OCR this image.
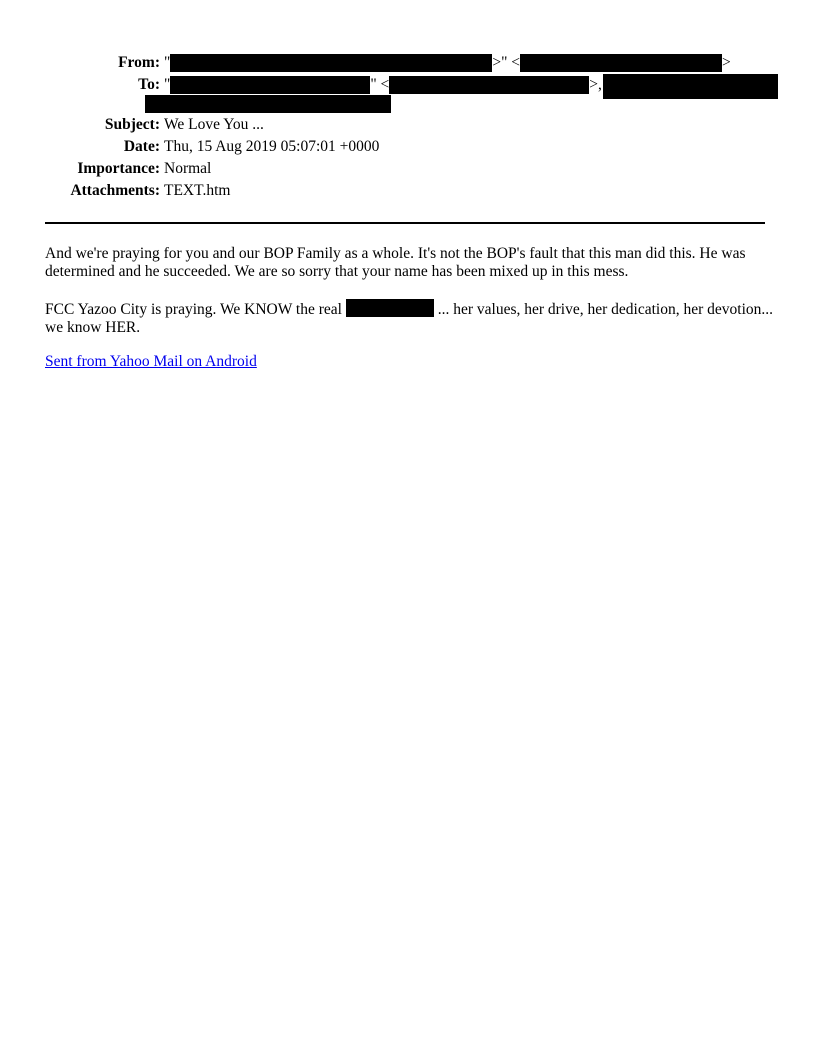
From: "	>" <	>
To: "	" <	>,
Subject: We Love You ...
Date: Thu, 15 Aug 2019 05:07:01 +0000
Importance: Normal
Attachments: TEXT.htm
And we're praying for you and our BOP Family as a whole. It's not the BOP's fault that this man did this. He was determined and he succeeded. We are so sorry that your name has been mixed up in this mess.
FCC Yazoo City is praying. We KNOW the real	... her values, her drive, her dedication, her devotion... we know HER.
Sent from Yahoo Mail on Android
